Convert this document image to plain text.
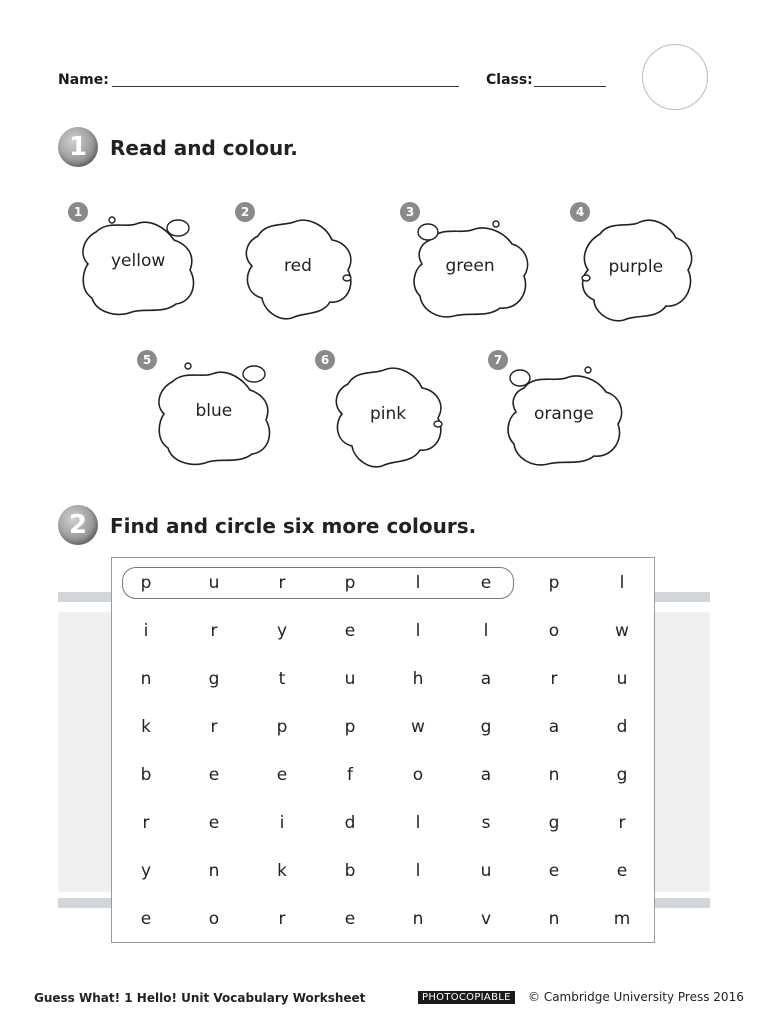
Name:	Class:
1	Read and colour.
yellow
1
red
2
green
3
purple
4
blue
5
pink
6
orange
7
2	Find and circle six more colours.
p	u	r	p	l	e	p	l
i	r	y	e	l	l	o	w
n	g	t	u	h	a	r	u
k	r	p	p	w	g	a	d
b	e	e	f	o	a	n	g
r	e	i	d	l	s	g	r
y	n	k	b	l	u	e	e
e	o	r	e	n	v	n	m
Guess What! 1 Hello! Unit Vocabulary Worksheet	PHOTOCOPIABLE	© Cambridge University Press 2016
